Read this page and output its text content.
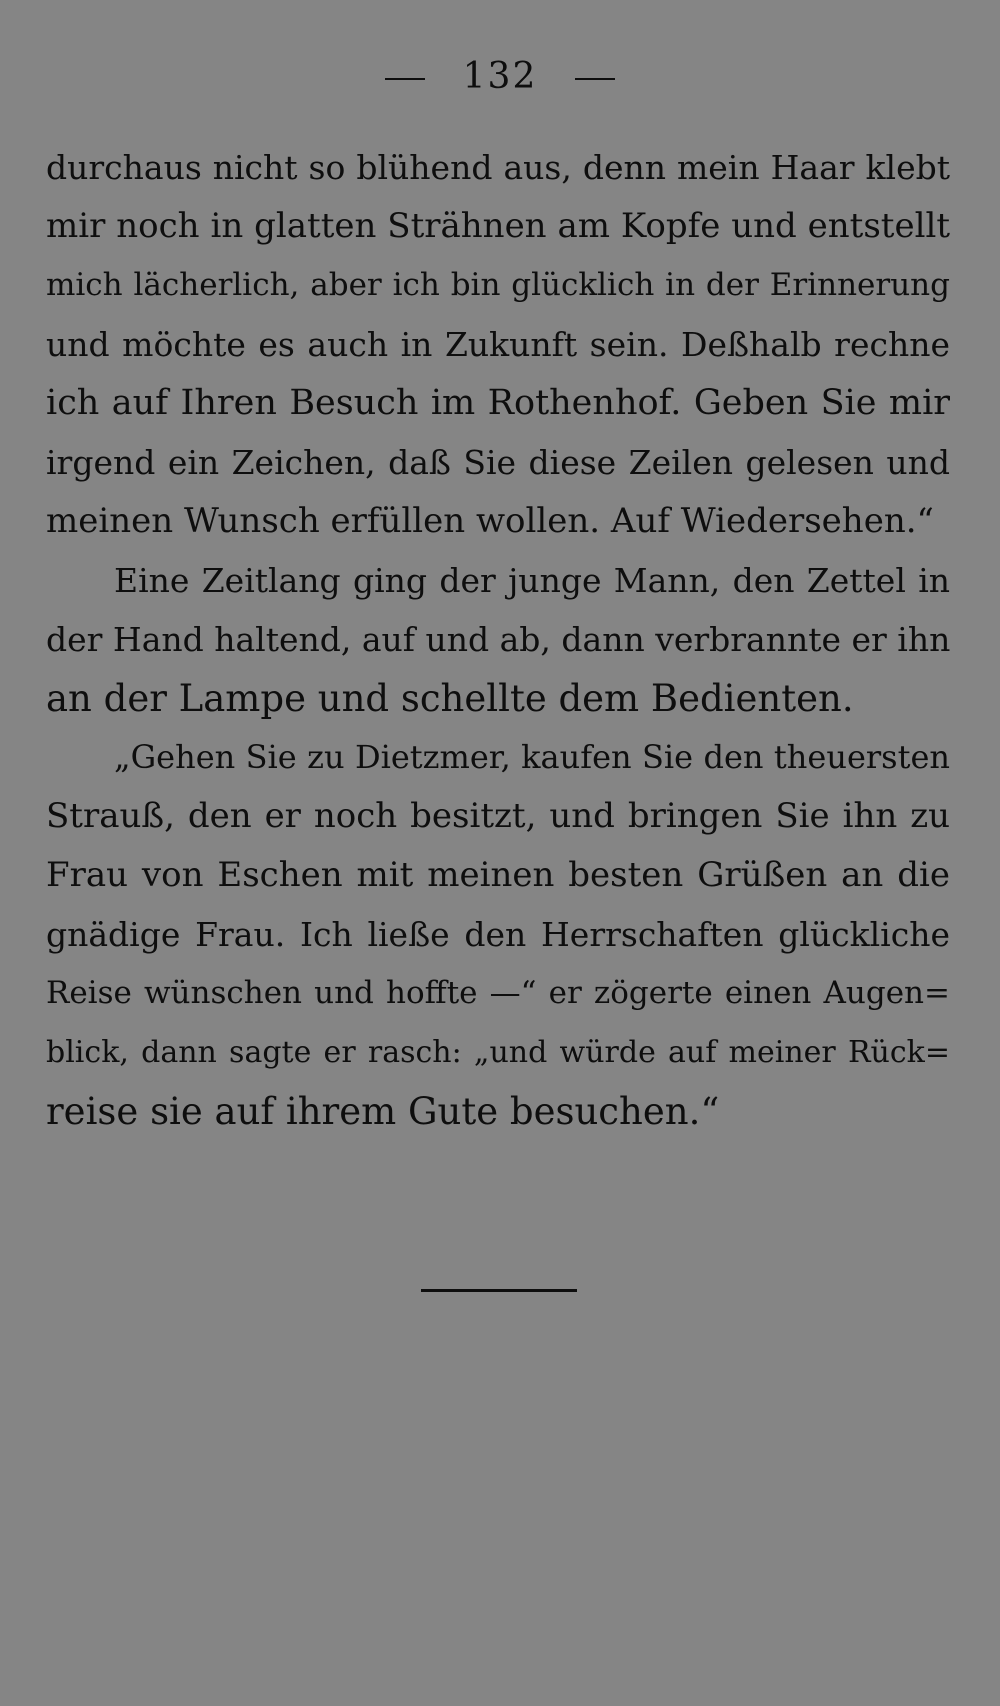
132
durchaus nicht so blühend aus, denn mein Haar klebt
mir noch in glatten Strähnen am Kopfe und entstellt
mich lächerlich, aber ich bin glücklich in der Erinnerung
und möchte es auch in Zukunft sein. Deßhalb rechne
ich auf Ihren Besuch im Rothenhof. Geben Sie mir
irgend ein Zeichen, daß Sie diese Zeilen gelesen und
meinen Wunsch erfüllen wollen. Auf Wiedersehen.“
Eine Zeitlang ging der junge Mann, den Zettel in
der Hand haltend, auf und ab, dann verbrannte er ihn
an der Lampe und schellte dem Bedienten.
„Gehen Sie zu Dietzmer, kaufen Sie den theuersten
Strauß, den er noch besitzt, und bringen Sie ihn zu
Frau von Eschen mit meinen besten Grüßen an die
gnädige Frau. Ich ließe den Herrschaften glückliche
Reise wünschen und hoffte —“ er zögerte einen Augen=
blick, dann sagte er rasch: „und würde auf meiner Rück=
reise sie auf ihrem Gute besuchen.“
